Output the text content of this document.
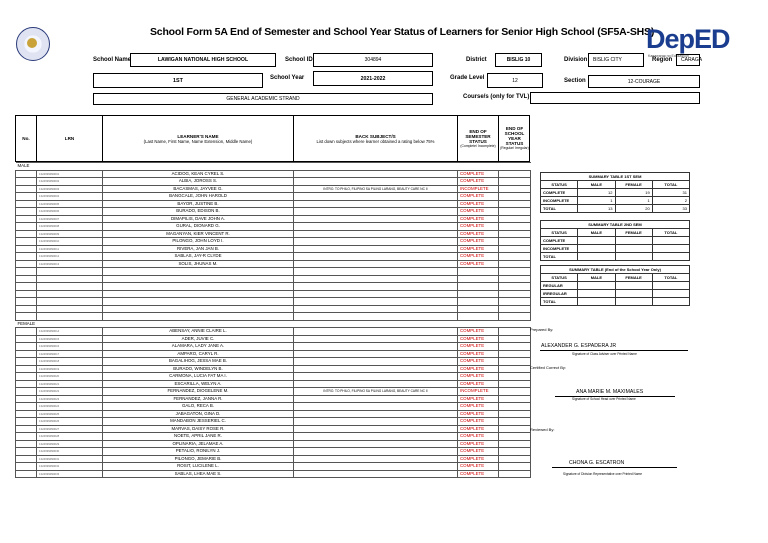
School Form 5A End of Semester and School Year Status of Learners for Senior High School (SF5A-SHS)
DepED
Kagawaran ng Edukasyon
School Name	LAWIGAN NATIONAL HIGH SCHOOL	School ID	304894	District	BISLIG 10	Division	BISLIG CITY	Region	CARAGA
1ST	School Year	2021-2022	Grade Level	12	Section	12-COURAGE
GENERAL ACADEMIC STRAND	Course/s (only for TVL)
No.	LRN	LEARNER'S NAME
(Last Name, First Name, Name Extension, Middle Name)
BACK SUBJECT/S
List down subjects where learner obtained a rating below 75%
END OF SEMESTER STATUS
(Complete/ Incomplete)
END OF SCHOOL YEAR STATUS
(Regular/ Irregular)
MALE					
	1324699990001	ACIDOG, KEAN CYREL S.		COMPLETE	
	1324699990002	ALBIA, JOROSS S.		COMPLETE	
	1324699990003	BACASMAS, JAYVEE G.	INTRO. TO PHILO, FILIPINO SA PILING LARANG, BEAUTY CARE NC II	INCOMPLETE	
	1324699990004	BANGCALE, JOHN HAROLD		COMPLETE	
	1324699990005	BAYOR, JUSTINE B.		COMPLETE	
	1324699990006	BURADO, EDISON B.		COMPLETE	
	1324699990007	DIMAPILIS, DAVE JOHN A.		COMPLETE	
	1324699990008	GURAL, DIONARD G.		COMPLETE	
	1324699990009	MAGANYAN, KIER VINCENT R.		COMPLETE	
	1324699990010	PILONGO, JOHN LOYD I.		COMPLETE	
	1324699990011	RIVERA, JAN JAN B.		COMPLETE	
	1324699990012	SABLAS, JAY-R CLYDE		COMPLETE	
	1324699990013	SOLIS, JHUNAS M.		COMPLETE	

FEMALE					
	1324699990014	ABENSAY, ANNIE CLAIRE L.		COMPLETE	
	1324699990015	ADER, JUVIE C.		COMPLETE	
	1324699990016	ALAMARA, LADY JANE A.		COMPLETE	
	1324699990017	AMPARO, CARYL R.		COMPLETE	
	1324699990018	BAGALIHOG, JESSA MAE B.		COMPLETE	
	1324699990019	BURADO, WINDELYN B.		COMPLETE	
	1324699990020	CARMONA, LUCIA FAT MA I.		COMPLETE	
	1324699990021	ESCARILLA, WELYN A.		COMPLETE	
	1324699990022	FERNANDEZ, DIOGELENE M.	INTRO. TO PHILO, FILIPINO SA PILING LARANG, BEAUTY CARE NC II	INCOMPLETE	
	1324699990023	FERNANDEZ, JANNA R.		COMPLETE	
	1324699990024	GALO, RECA B.		COMPLETE	
	1324699990025	JABAGATON, GINA D.		COMPLETE	
	1324699990026	MANDABON JESSERIEL C.		COMPLETE	
	1324699990027	MARVAS, DAISY ROSE R.		COMPLETE	
	1324699990028	NOETE, APRIL JANE R.		COMPLETE	
	1324699990029	OPLINARIA, JELAMAE A.		COMPLETE	
	1324699990030	PETALIO, RONILYN J.		COMPLETE	
	1324699990031	PILONGO, JEMARIE B.		COMPLETE	
	1324699990032	ROSIT, LUCILENE L.		COMPLETE	
	1324699990033	SABLAS, LHEA MAE S.		COMPLETE	
SUMMARY TABLE 1ST SEM			
STATUS	MALE	FEMALE	TOTAL
COMPLETE	12	19	31
INCOMPLETE	1	1	2
TOTAL	13	20	33
SUMMARY TABLE 2ND SEM			
STATUS	MALE	FEMALE	TOTAL
COMPLETE			
INCOMPLETE			
TOTAL			
SUMMARY TABLE (End of the School Year Only)			
STATUS	MALE	FEMALE	TOTAL
REGULAR			
IRREGULAR			
TOTAL			
Prepared By:
ALEXANDER G. ESPADERA JR
Signature of Class Adviser over Printed Name
Certified Correct By:
ANA MARIE M. MAXIMALES
Signature of School Head over Printed Name
Reviewed By:
CHONA G. ESCATRON
Signature of Division Representative over Printed Name
